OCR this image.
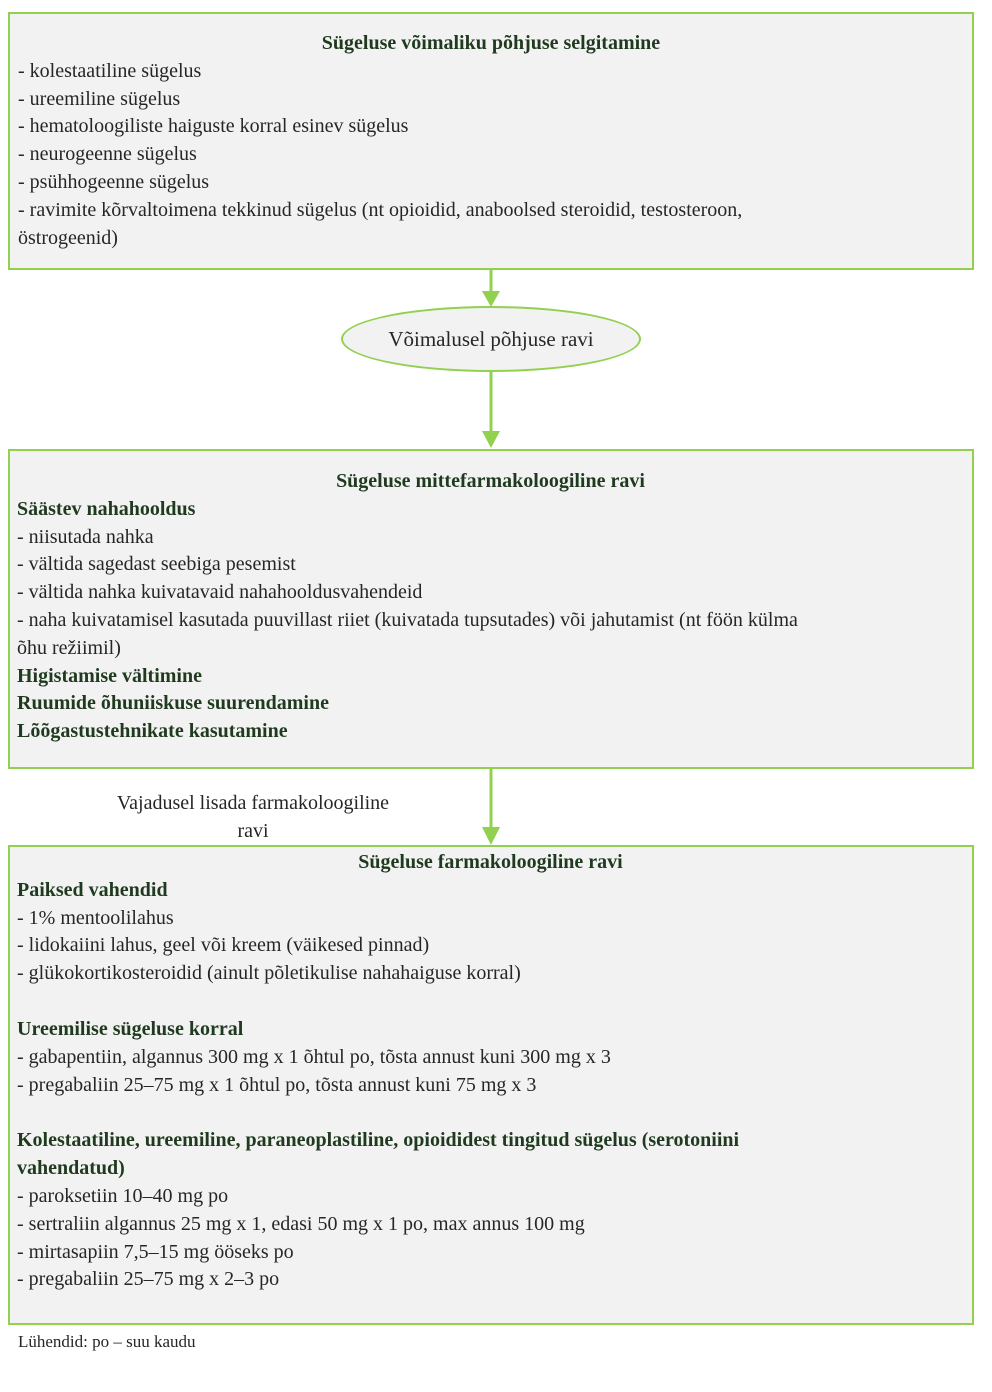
Sügeluse võimaliku põhjuse selgitamine
- kolestaatiline sügelus
- ureemiline sügelus
- hematoloogiliste haiguste korral esinev sügelus
- neurogeenne sügelus
- psühhogeenne sügelus
- ravimite kõrvaltoimena tekkinud sügelus (nt opioidid, anaboolsed steroidid, testosteroon,
östrogeenid)
Võimalusel põhjuse ravi
Sügeluse mittefarmakoloogiline ravi
Säästev nahahooldus
- niisutada nahka
- vältida sagedast seebiga pesemist
- vältida nahka kuivatavaid nahahooldusvahendeid
- naha kuivatamisel kasutada puuvillast riiet (kuivatada tupsutades) või jahutamist (nt föön külma
õhu režiimil)
Higistamise vältimine
Ruumide õhuniiskuse suurendamine
Lõõgastustehnikate kasutamine
Vajadusel lisada farmakoloogiline
ravi
Sügeluse farmakoloogiline ravi
Paiksed vahendid
- 1% mentoolilahus
- lidokaiini lahus, geel või kreem (väikesed pinnad)
- glükokortikosteroidid (ainult põletikulise nahahaiguse korral)
Ureemilise sügeluse korral
- gabapentiin, algannus 300 mg x 1 õhtul po, tõsta annust kuni 300 mg x 3
- pregabaliin 25–75 mg x 1 õhtul po, tõsta annust kuni 75 mg x 3
Kolestaatiline, ureemiline, paraneoplastiline, opioididest tingitud sügelus (serotoniini
vahendatud)
- paroksetiin 10–40 mg po
- sertraliin algannus 25 mg x 1, edasi 50 mg x 1 po, max annus 100 mg
- mirtasapiin 7,5–15 mg ööseks po
- pregabaliin 25–75 mg x 2–3 po
Lühendid: po – suu kaudu
